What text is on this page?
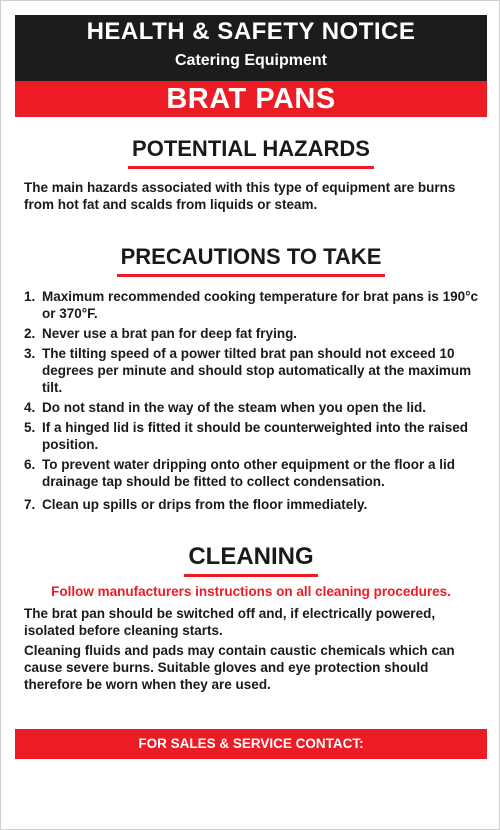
HEALTH & SAFETY NOTICE
Catering Equipment
BRAT PANS
POTENTIAL HAZARDS

The main hazards associated with this type of equipment are burns from hot fat and scalds from liquids or steam.

PRECAUTIONS TO TAKE
1. Maximum recommended cooking temperature for brat pans is 190°c or 370°F.
2. Never use a brat pan for deep fat frying.
3. The tilting speed of a power tilted brat pan should not exceed 10 degrees per minute and should stop automatically at the maximum tilt.
4. Do not stand in the way of the steam when you open the lid.
5. If a hinged lid is fitted it should be counterweighted into the raised position.
6. To prevent water dripping onto other equipment or the floor a lid drainage tap should be fitted to collect condensation.
7. Clean up spills or drips from the floor immediately.
CLEANING
Follow manufacturers instructions on all cleaning procedures.

The brat pan should be switched off and, if electrically powered, isolated before cleaning starts.

Cleaning fluids and pads may contain caustic chemicals which can cause severe burns. Suitable gloves and eye protection should therefore be worn when they are used.

FOR SALES & SERVICE CONTACT:
